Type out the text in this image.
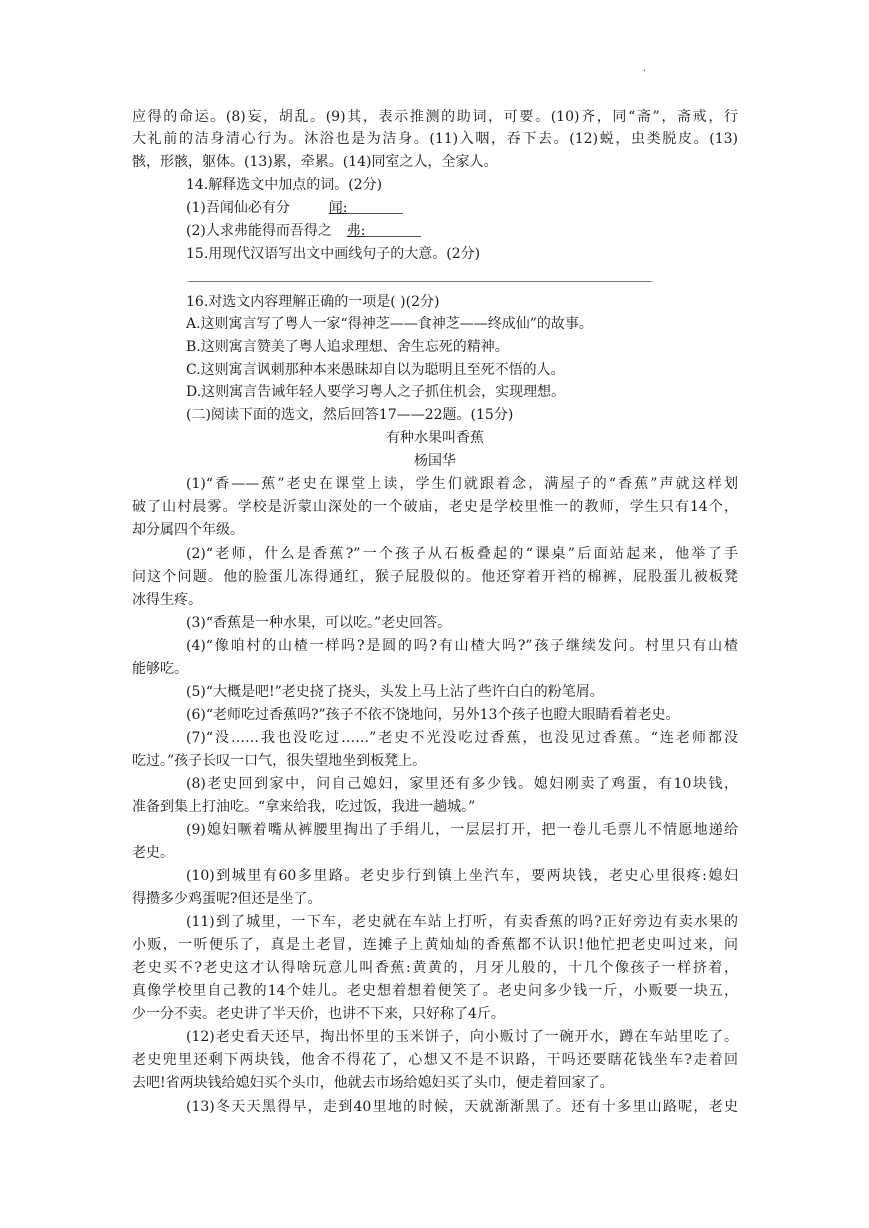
·
应得的命运。(8)妄，胡乱。(9)其，表示推测的助词，可要。(10)齐，同“斋”，斋戒，行
大礼前的洁身清心行为。沐浴也是为洁身。(11)入咽，吞下去。(12)蜕，虫类脱皮。(13)
骸，形骸，躯体。(13)累，牵累。(14)同室之人，全家人。
14.解释选文中加点的词。(2分)
(1)吾闻仙必有分	闻:
(2)人求弗能得而吾得之 弗:
15.用现代汉语写出文中画线句子的大意。(2分)
16.对选文内容理解正确的一项是( )(2分)
A.这则寓言写了粤人一家“得神芝——食神芝——终成仙”的故事。
B.这则寓言赞美了粤人追求理想、舍生忘死的精神。
C.这则寓言讽刺那种本来愚昧却自以为聪明且至死不悟的人。
D.这则寓言告诫年轻人要学习粤人之子抓住机会，实现理想。
(二)阅读下面的选文，然后回答17——22题。(15分)
有种水果叫香蕉
杨国华
(1)“香——蕉”老史在课堂上读，学生们就跟着念，满屋子的“香蕉”声就这样划
破了山村晨雾。学校是沂蒙山深处的一个破庙，老史是学校里惟一的教师，学生只有14个，
却分属四个年级。
(2)“老师，什么是香蕉?”一个孩子从石板叠起的“课桌”后面站起来，他举了手
问这个问题。他的脸蛋儿冻得通红，猴子屁股似的。他还穿着开裆的棉裤，屁股蛋儿被板凳
冰得生疼。
(3)“香蕉是一种水果，可以吃。”老史回答。
(4)“像咱村的山楂一样吗?是圆的吗?有山楂大吗?”孩子继续发问。村里只有山楂
能够吃。
(5)“大概是吧!”老史挠了挠头，头发上马上沾了些许白白的粉笔屑。
(6)“老师吃过香蕉吗?”孩子不依不饶地问，另外13个孩子也瞪大眼睛看着老史。
(7)“没……我也没吃过……”老史不光没吃过香蕉，也没见过香蕉。“连老师都没
吃过。”孩子长叹一口气，很失望地坐到板凳上。
(8)老史回到家中，问自己媳妇，家里还有多少钱。媳妇刚卖了鸡蛋，有10块钱，
准备到集上打油吃。“拿来给我，吃过饭，我进一趟城。”
(9)媳妇噘着嘴从裤腰里掏出了手绢儿，一层层打开，把一卷儿毛票儿不情愿地递给
老史。
(10)到城里有60多里路。老史步行到镇上坐汽车，要两块钱，老史心里很疼:媳妇
得攒多少鸡蛋呢?但还是坐了。
(11)到了城里，一下车，老史就在车站上打听，有卖香蕉的吗?正好旁边有卖水果的
小贩，一听便乐了，真是土老冒，连摊子上黄灿灿的香蕉都不认识!他忙把老史叫过来，问
老史买不?老史这才认得啥玩意儿叫香蕉:黄黄的，月牙儿般的，十几个像孩子一样挤着，
真像学校里自己教的14个娃儿。老史想着想着便笑了。老史问多少钱一斤，小贩要一块五，
少一分不卖。老史讲了半天价，也讲不下来，只好称了4斤。
(12)老史看天还早，掏出怀里的玉米饼子，向小贩讨了一碗开水，蹲在车站里吃了。
老史兜里还剩下两块钱，他舍不得花了，心想又不是不识路，干吗还要瞎花钱坐车?走着回
去吧!省两块钱给媳妇买个头巾，他就去市场给媳妇买了头巾，便走着回家了。
(13)冬天天黑得早，走到40里地的时候，天就渐渐黑了。还有十多里山路呢，老史
